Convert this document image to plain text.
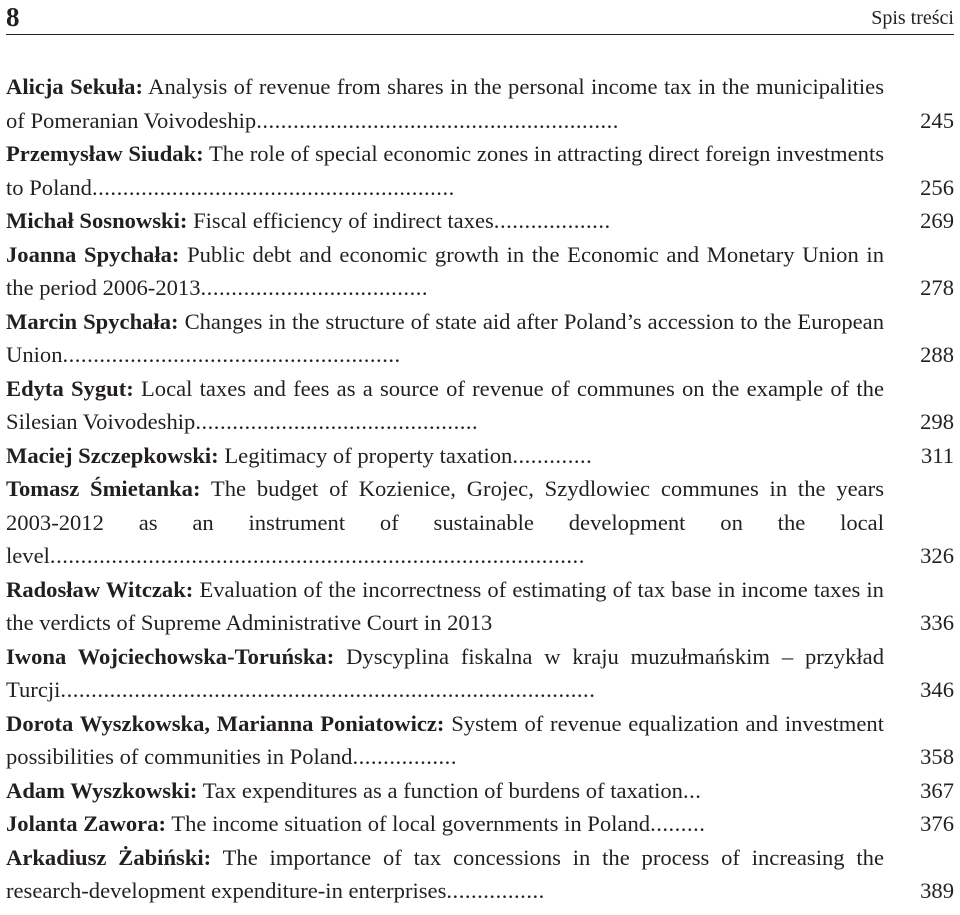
8	Spis treści
Alicja Sekuła: Analysis of revenue from shares in the personal income tax in the municipalities of Pomeranian Voivodeship...........................................................	245
Przemysław Siudak: The role of special economic zones in attracting direct foreign investments to Poland...........................................................	256
Michał Sosnowski: Fiscal efficiency of indirect taxes...................	269
Joanna Spychała: Public debt and economic growth in the Economic and Monetary Union in the period 2006-2013.....................................	278
Marcin Spychała: Changes in the structure of state aid after Poland’s accession to the European Union.......................................................	288
Edyta Sygut: Local taxes and fees as a source of revenue of communes on the example of the Silesian Voivodeship..............................................	298
Maciej Szczepkowski: Legitimacy of property taxation.............	311
Tomasz Śmietanka: The budget of Kozienice, Grojec, Szydlowiec communes in the years 2003-2012 as an instrument of sustainable development on the local level.......................................................................................	326
Radosław Witczak: Evaluation of the incorrectness of estimating of tax base in income taxes in the verdicts of Supreme Administrative Court in 2013	336
Iwona Wojciechowska-Toruńska: Dyscyplina fiskalna w kraju muzułmańskim – przykład Turcji.......................................................................................	346
Dorota Wyszkowska, Marianna Poniatowicz: System of revenue equalization and investment possibilities of communities in Poland.................	358
Adam Wyszkowski: Tax expenditures as a function of burdens of taxation...	367
Jolanta Zawora: The income situation of local governments in Poland.........	376
Arkadiusz Żabiński: The importance of tax concessions in the process of increasing the research-development expenditure-in enterprises................	389
